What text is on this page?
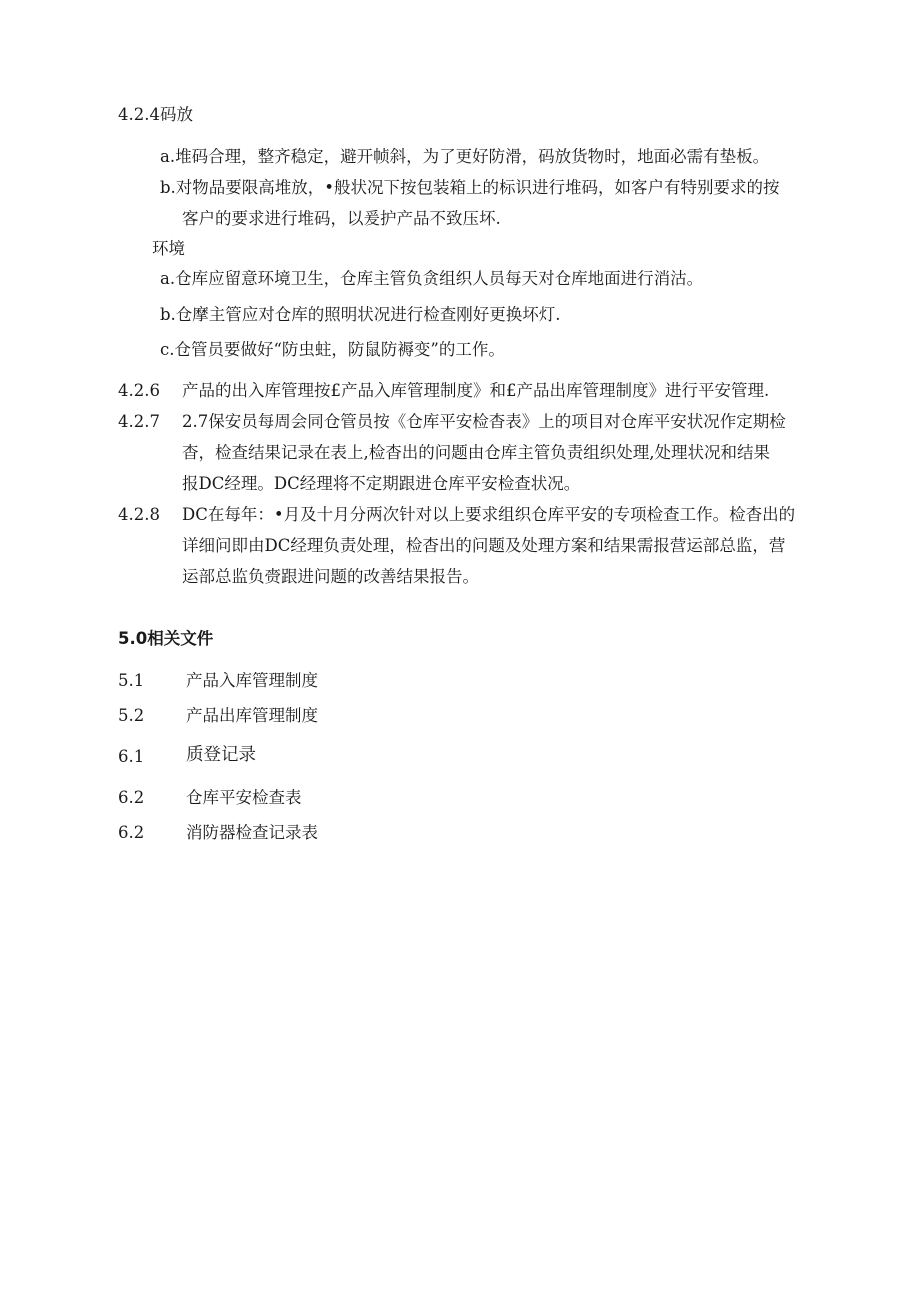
4.2.4码放
a.堆码合理，整齐稳定，避开帧斜，为了更好防滑，码放货物时，地面必需有垫板。
b.对物品要限高堆放，•般状况下按包装箱上的标识进行堆码，如客户有特别要求的按
客户的要求进行堆码，以爰护产品不致压坏.
环境
a.仓库应留意环境卫生，仓库主管负贪组织人员每天对仓库地面进行消沽。
b.仓摩主管应对仓库的照明状况进行检查刚好更换坏灯.
c.仓管员要做好“防虫蛀，防鼠防褥变”的工作。
4.2.6 产品的出入库管理按£产品入库管理制度》和£产品出库管理制度》进行平安管理.
4.2.7 2.7保安员每周会同仓管员按《仓库平安检杳表》上的项目对仓库平安状况作定期检
杳，检查结果记录在表上,检杳出的问题由仓库主管负责组织处理,处理状况和结果
报DC经理。DC经理将不定期跟进仓库平安检查状况。
4.2.8 DC在每年：•月及十月分两次针对以上要求组织仓库平安的专项检查工作。检杳出的
详细问即由DC经理负责处理，检杳出的问题及处理方案和结果需报营运部总监，营
运部总监负赍跟进问题的改善结果报告。
5.0相关文件
5.1	产品入库管理制度
5.2	产品出库管理制度
6.1 质登记录
6.2	仓库平安检查表
6.2	消防器检查记录表
